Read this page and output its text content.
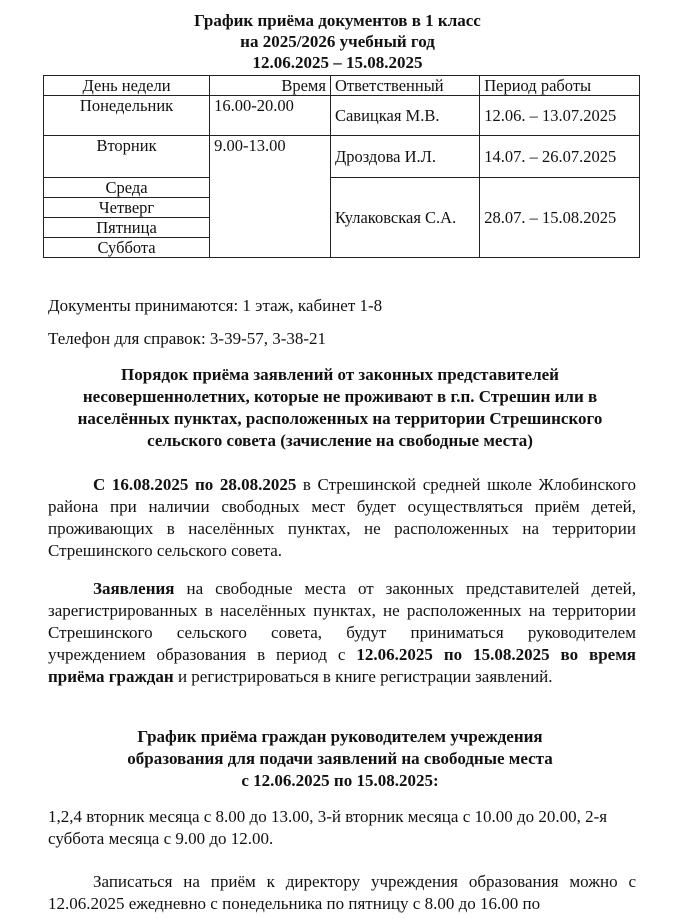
График приёма документов в 1 класс
на 2025/2026 учебный год
12.06.2025 – 15.08.2025
День недели	Время	Ответственный	Период работы
Понедельник	16.00-20.00	Савицкая М.В.	12.06. – 13.07.2025
Вторник	9.00-13.00	Дроздова И.Л.	14.07. – 26.07.2025
Среда		Кулаковская С.А.	28.07. – 15.08.2025
Четверг			
Пятница			
Суббота			
Документы принимаются: 1 этаж, кабинет 1-8
Телефон для справок: 3-39-57, 3-38-21
Порядок приёма заявлений от законных представителей
несовершеннолетних, которые не проживают в г.п. Стрешин или в
населённых пунктах, расположенных на территории Стрешинского
сельского совета (зачисление на свободные места)
С 16.08.2025 по 28.08.2025 в Стрешинской средней школе Жлобинского района при наличии свободных мест будет осуществляться приём детей, проживающих в населённых пунктах, не расположенных на территории Стрешинского сельского совета.
Заявления на свободные места от законных представителей детей, зарегистрированных в населённых пунктах, не расположенных на территории Стрешинского сельского совета, будут приниматься руководителем учреждением образования в период с 12.06.2025 по 15.08.2025 во время приёма граждан и регистрироваться в книге регистрации заявлений.
График приёма граждан руководителем учреждения
образования для подачи заявлений на свободные места
с 12.06.2025 по 15.08.2025:
1,2,4 вторник месяца с 8.00 до 13.00, 3-й вторник месяца с 10.00 до 20.00, 2-я суббота месяца с 9.00 до 12.00.
Записаться на приём к директору учреждения образования можно с 12.06.2025 ежедневно с понедельника по пятницу с 8.00 до 16.00 по
